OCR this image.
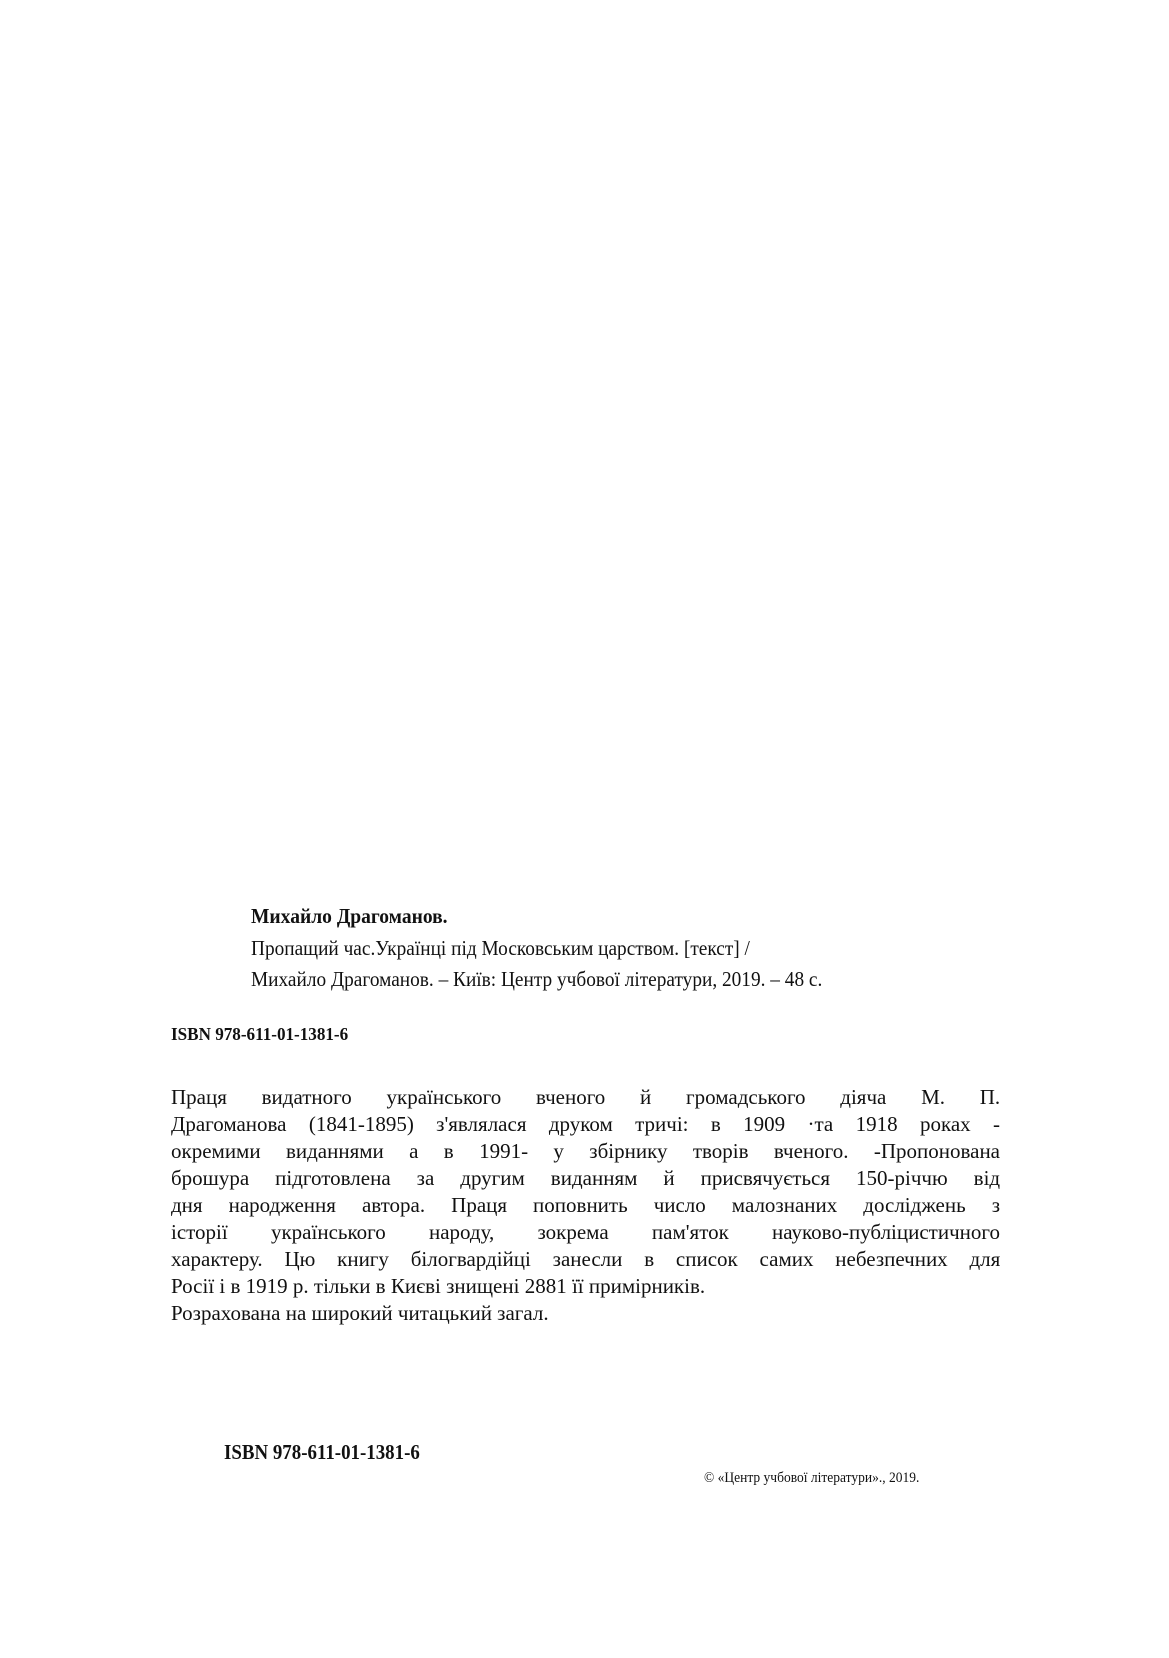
Михайло Драгоманов.
Пропащий час.Українці під Московським царством. [текст] /
Михайло Драгоманов. – Київ: Центр учбової літератури, 2019. – 48 с.
ISBN 978-611-01-1381-6
Праця видатного українського вченого й громадського діяча М. П.
Драгоманова (1841-1895) з'являлася друком тричі: в 1909 ·та 1918 роках -
окремими виданнями а в 1991- у збірнику творів вченого. -Пропонована
брошура підготовлена за другим виданням й присвячується 150-річчю від
дня народження автора. Праця поповнить число малознаних досліджень з
історії українського народу, зокрема пам'яток науково-публіцистичного
характеру. Цю книгу білогвардійці занесли в список самих небезпечних для
Росії і в 1919 р. тільки в Києві знищені 2881 її примірників.
Розрахована на широкий читацький загал.
ISBN 978-611-01-1381-6
© «Центр учбової літератури»., 2019.
